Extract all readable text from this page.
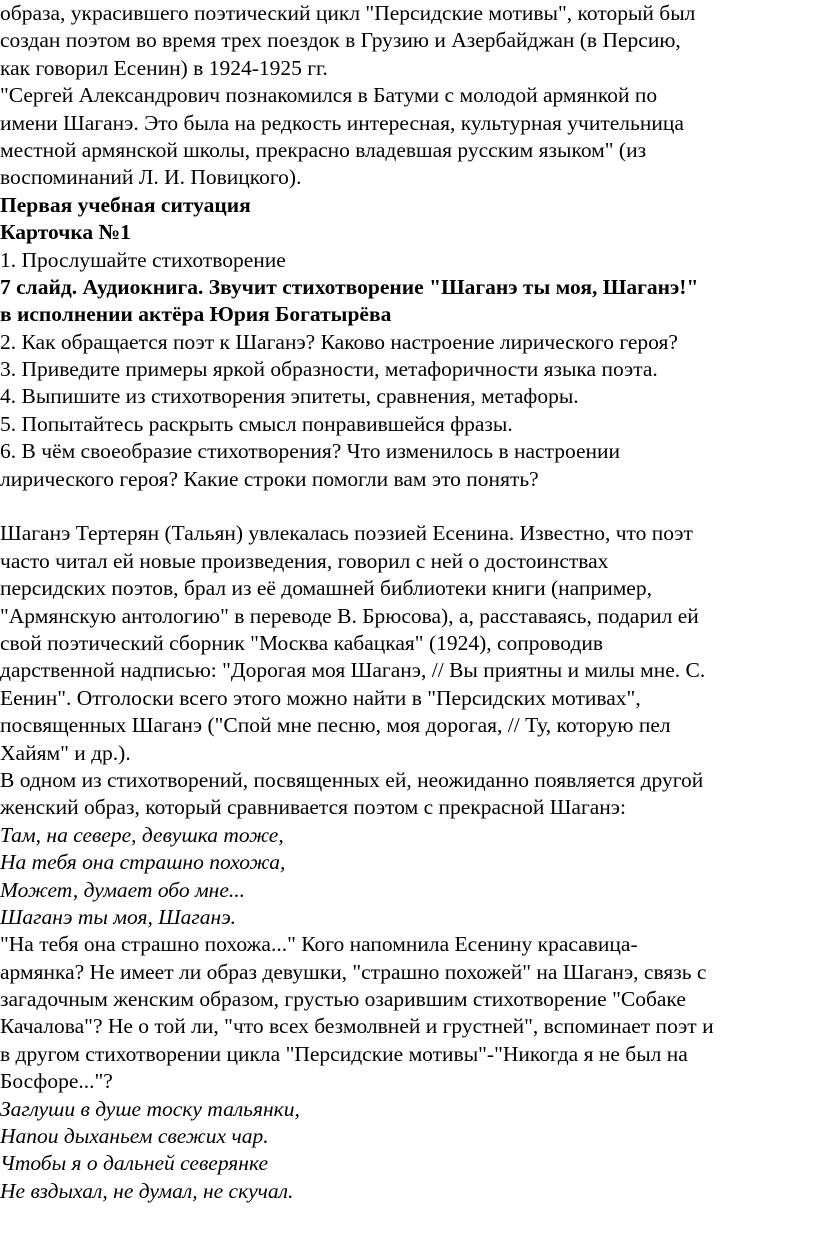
образа, украсившего поэтический цикл "Персидские мотивы", который был
создан поэтом во время трех поездок в Грузию и Азербайджан (в Персию,
как говорил Есенин) в 1924-1925 гг.
"Сергей Александрович познакомился в Батуми с молодой армянкой по
имени Шаганэ. Это была на редкость интересная, культурная учительница
местной армянской школы, прекрасно владевшая русским языком" (из
воспоминаний Л. И. Повицкого).
Первая учебная ситуация
Карточка №1
1. Прослушайте стихотворение
7 слайд. Аудиокнига. Звучит стихотворение "Шаганэ ты моя, Шаганэ!"
в исполнении актёра Юрия Богатырёва
2. Как обращается поэт к Шаганэ? Каково настроение лирического героя?
3. Приведите примеры яркой образности, метафоричности языка поэта.
4. Выпишите из стихотворения эпитеты, сравнения, метафоры.
5. Попытайтесь раскрыть смысл понравившейся фразы.
6. В чём своеобразие стихотворения? Что изменилось в настроении
лирического героя? Какие строки помогли вам это понять?
Шаганэ Тертерян (Тальян) увлекалась поэзией Есенина. Известно, что поэт
часто читал ей новые произведения, говорил с ней о достоинствах
персидских поэтов, брал из её домашней библиотеки книги (например,
"Армянскую антологию" в переводе В. Брюсова), а, расставаясь, подарил ей
свой поэтический сборник "Москва кабацкая" (1924), сопроводив
дарственной надписью: "Дорогая моя Шаганэ, // Вы приятны и милы мне. С.
Еенин". Отголоски всего этого можно найти в "Персидских мотивах",
посвященных Шаганэ ("Спой мне песню, моя дорогая, // Ту, которую пел
Хайям" и др.).
В одном из стихотворений, посвященных ей, неожиданно появляется другой
женский образ, который сравнивается поэтом с прекрасной Шаганэ:
Там, на севере, девушка тоже,
На тебя она страшно похожа,
Может, думает обо мне...
Шаганэ ты моя, Шаганэ.
"На тебя она страшно похожа..." Кого напомнила Есенину красавица-
армянка? Не имеет ли образ девушки, "страшно похожей" на Шаганэ, связь с
загадочным женским образом, грустью озарившим стихотворение "Собаке
Качалова"? Не о той ли, "что всех безмолвней и грустней", вспоминает поэт и
в другом стихотворении цикла "Персидские мотивы"-"Никогда я не был на
Босфоре..."?
Заглуши в душе тоску тальянки,
Напои дыханьем свежих чар.
Чтобы я о дальней северянке
Не вздыхал, не думал, не скучал.
